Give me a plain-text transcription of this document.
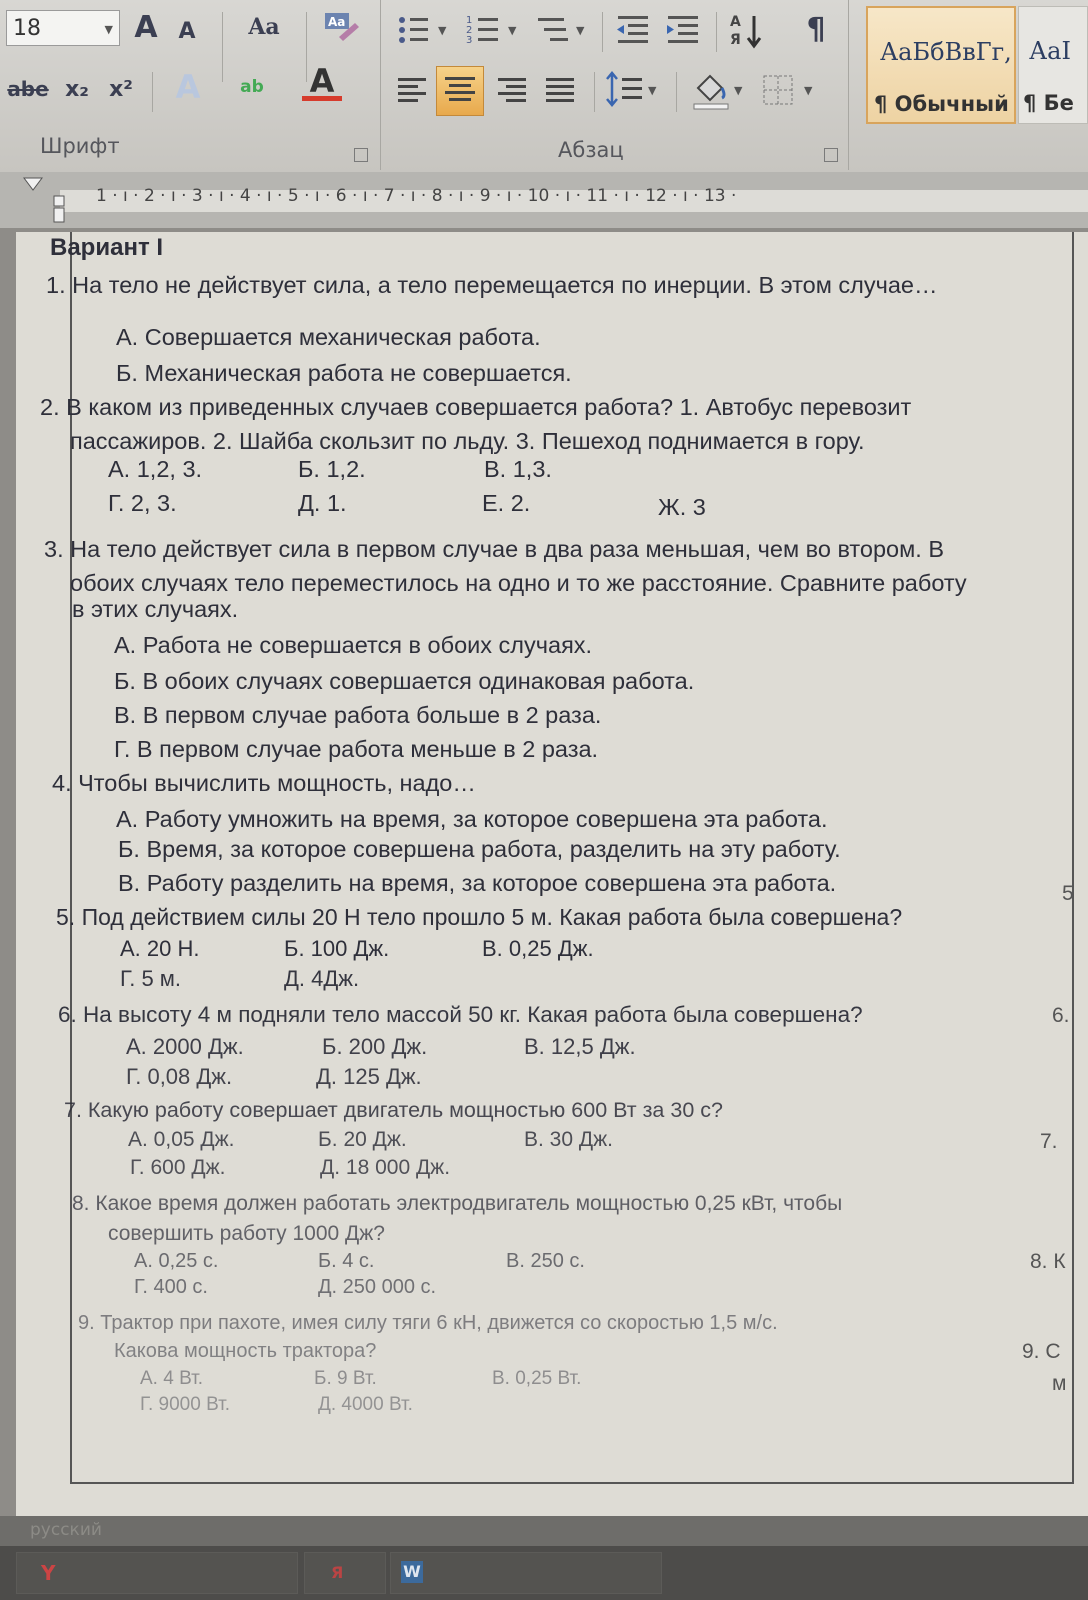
18	▼ A A	Aa	Aa
abe x₂ x² A	ab A
▼
1
2
3
▼	▼
A
Я	¶
▼	▼	▼
Шрифт	Абзац
АаБбВвГг,
¶ Обычный
АаІ
¶ Бе
1 · ı · 2 · ı · 3 · ı · 4 · ı · 5 · ı · 6 · ı · 7 · ı · 8 · ı · 9 · ı · 10 · ı · 11 · ı · 12 · ı · 13 ·
Вариант I
1. На тело не действует сила, а тело перемещается по инерции. В этом случае…
А. Совершается механическая работа.
Б. Механическая работа не совершается.
2. В каком из приведенных случаев совершается работа? 1. Автобус перевозит
пассажиров. 2. Шайба скользит по льду. 3. Пешеход поднимается в гору.
А. 1,2, 3.	Б. 1,2.	В. 1,3.
Г. 2, 3.	Д. 1.	Е. 2.	Ж. 3
3. На тело действует сила в первом случае в два раза меньшая, чем во втором. В
обоих случаях тело переместилось на одно и то же расстояние. Сравните работу
в этих случаях.
А. Работа не совершается в обоих случаях.
Б. В обоих случаях совершается одинаковая работа.
В. В первом случае работа больше в 2 раза.
Г. В первом случае работа меньше в 2 раза.
4. Чтобы вычислить мощность, надо…
А. Работу умножить на время, за которое совершена эта работа.
Б. Время, за которое совершена работа, разделить на эту работу.
В. Работу разделить на время, за которое совершена эта работа.
5. Под действием силы 20 Н тело прошло 5 м. Какая работа была совершена?
А. 20 Н.	Б. 100 Дж.	В. 0,25 Дж.
Г. 5 м.	Д. 4Дж.
6. На высоту 4 м подняли тело массой 50 кг. Какая работа была совершена?
А. 2000 Дж.	Б. 200 Дж.	В. 12,5 Дж.
Г. 0,08 Дж.	Д. 125 Дж.
7. Какую работу совершает двигатель мощностью 600 Вт за 30 с?
А. 0,05 Дж.	Б. 20 Дж.	В. 30 Дж.
Г. 600 Дж.	Д. 18 000 Дж.
8. Какое время должен работать электродвигатель мощностью 0,25 кВт, чтобы
совершить работу 1000 Дж?
А. 0,25 с.	Б. 4 с.	В. 250 с.
Г. 400 с.	Д. 250 000 с.
9. Трактор при пахоте, имея силу тяги 6 кН, движется со скоростью 1,5 м/с.
Какова мощность трактора?
А. 4 Вт.	Б. 9 Вт.	В. 0,25 Вт.
Г. 9000 Вт.	Д. 4000 Вт.
5
6.
7.
8. К
9. С
м
русский
Y	Я	W
